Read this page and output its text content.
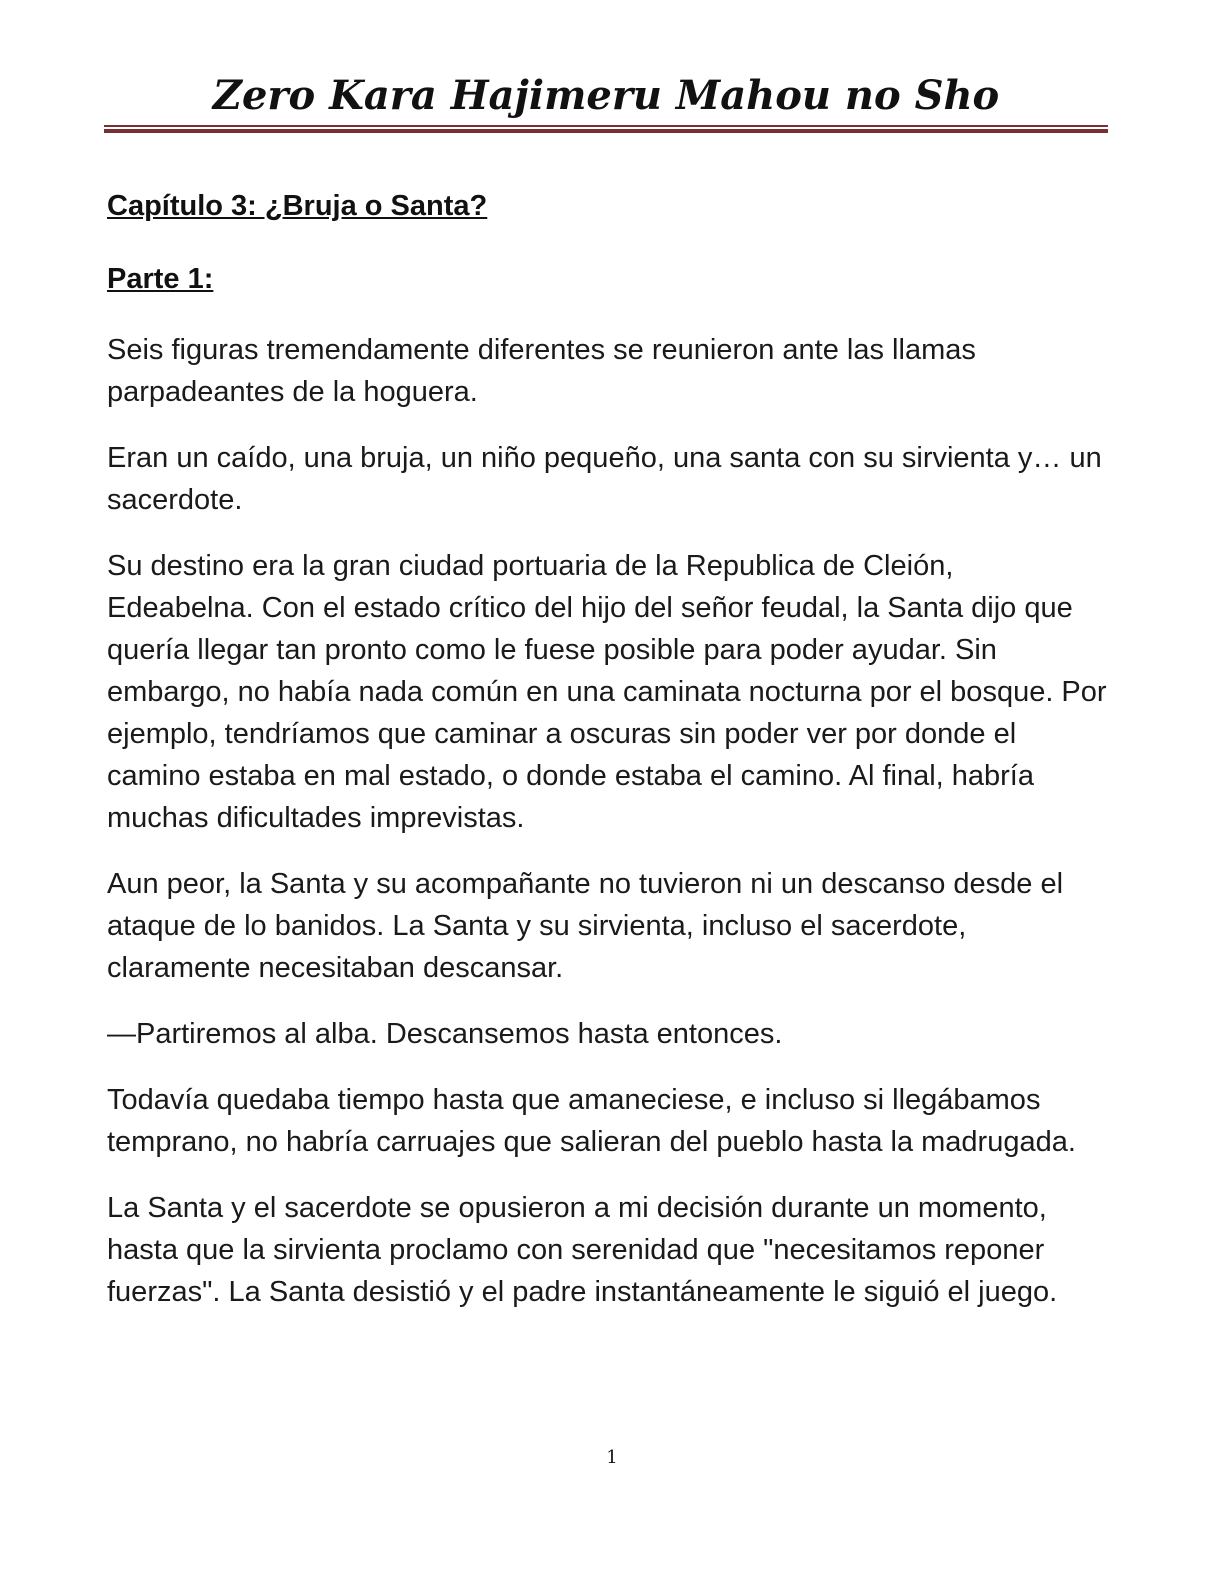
Zero Kara Hajimeru Mahou no Sho
Capítulo 3: ¿Bruja o Santa?
Parte 1:

Seis figuras tremendamente diferentes se reunieron ante las llamas parpadeantes de la hoguera.

Eran un caído, una bruja, un niño pequeño, una santa con su sirvienta y… un sacerdote.

Su destino era la gran ciudad portuaria de la Republica de Cleión, Edeabelna. Con el estado crítico del hijo del señor feudal, la Santa dijo que quería llegar tan pronto como le fuese posible para poder ayudar. Sin embargo, no había nada común en una caminata nocturna por el bosque. Por ejemplo, tendríamos que caminar a oscuras sin poder ver por donde el camino estaba en mal estado, o donde estaba el camino. Al final, habría muchas dificultades imprevistas.

Aun peor, la Santa y su acompañante no tuvieron ni un descanso desde el ataque de lo banidos. La Santa y su sirvienta, incluso el sacerdote, claramente necesitaban descansar.

—Partiremos al alba. Descansemos hasta entonces.

Todavía quedaba tiempo hasta que amaneciese, e incluso si llegábamos temprano, no habría carruajes que salieran del pueblo hasta la madrugada.

La Santa y el sacerdote se opusieron a mi decisión durante un momento, hasta que la sirvienta proclamo con serenidad que "necesitamos reponer fuerzas". La Santa desistió y el padre instantáneamente le siguió el juego.

1
